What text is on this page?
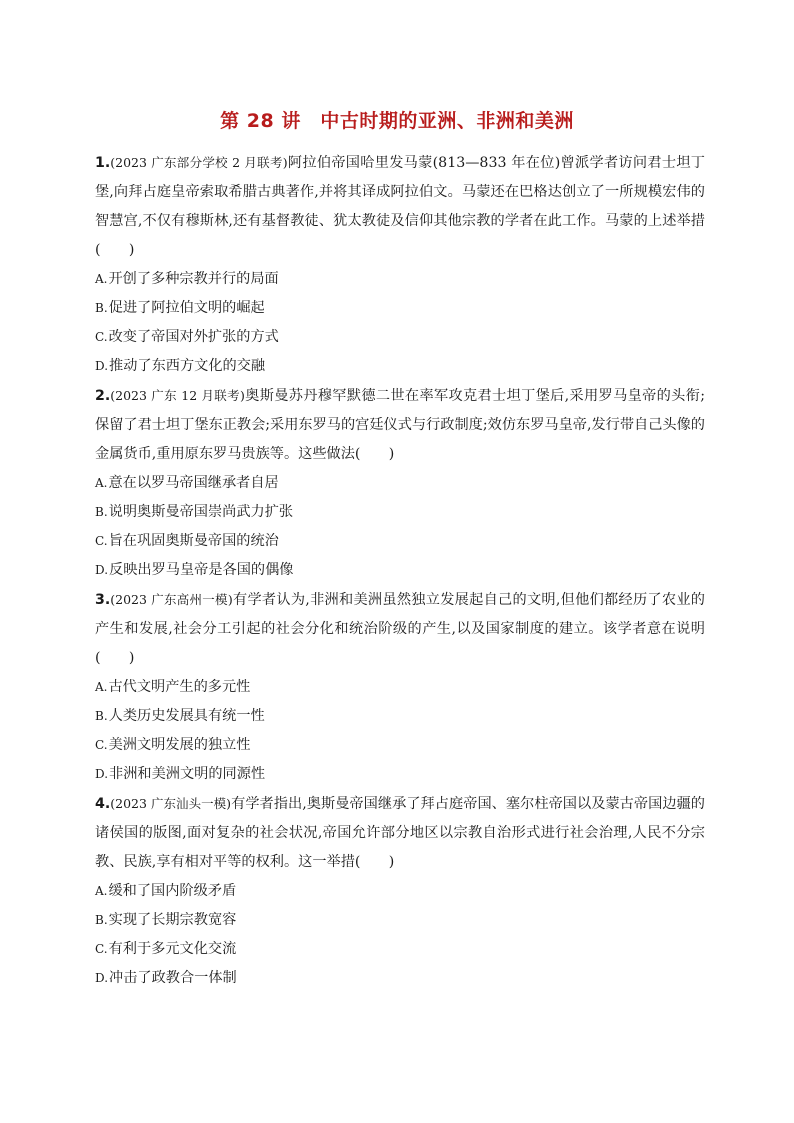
第 28 讲　中古时期的亚洲、非洲和美洲
1.(2023 广东部分学校 2 月联考)阿拉伯帝国哈里发马蒙(813—833 年在位)曾派学者访问君士坦丁堡,向拜占庭皇帝索取希腊古典著作,并将其译成阿拉伯文。马蒙还在巴格达创立了一所规模宏伟的智慧宫,不仅有穆斯林,还有基督教徒、犹太教徒及信仰其他宗教的学者在此工作。马蒙的上述举措(　　)
A.开创了多种宗教并行的局面
B.促进了阿拉伯文明的崛起
C.改变了帝国对外扩张的方式
D.推动了东西方文化的交融
2.(2023 广东 12 月联考)奥斯曼苏丹穆罕默德二世在率军攻克君士坦丁堡后,采用罗马皇帝的头衔;保留了君士坦丁堡东正教会;采用东罗马的宫廷仪式与行政制度;效仿东罗马皇帝,发行带自己头像的金属货币,重用原东罗马贵族等。这些做法(　　)
A.意在以罗马帝国继承者自居
B.说明奥斯曼帝国崇尚武力扩张
C.旨在巩固奥斯曼帝国的统治
D.反映出罗马皇帝是各国的偶像
3.(2023 广东高州一模)有学者认为,非洲和美洲虽然独立发展起自己的文明,但他们都经历了农业的产生和发展,社会分工引起的社会分化和统治阶级的产生,以及国家制度的建立。该学者意在说明(　　)
A.古代文明产生的多元性
B.人类历史发展具有统一性
C.美洲文明发展的独立性
D.非洲和美洲文明的同源性
4.(2023 广东汕头一模)有学者指出,奥斯曼帝国继承了拜占庭帝国、塞尔柱帝国以及蒙古帝国边疆的诸侯国的版图,面对复杂的社会状况,帝国允许部分地区以宗教自治形式进行社会治理,人民不分宗教、民族,享有相对平等的权利。这一举措(　　)
A.缓和了国内阶级矛盾
B.实现了长期宗教宽容
C.有利于多元文化交流
D.冲击了政教合一体制
